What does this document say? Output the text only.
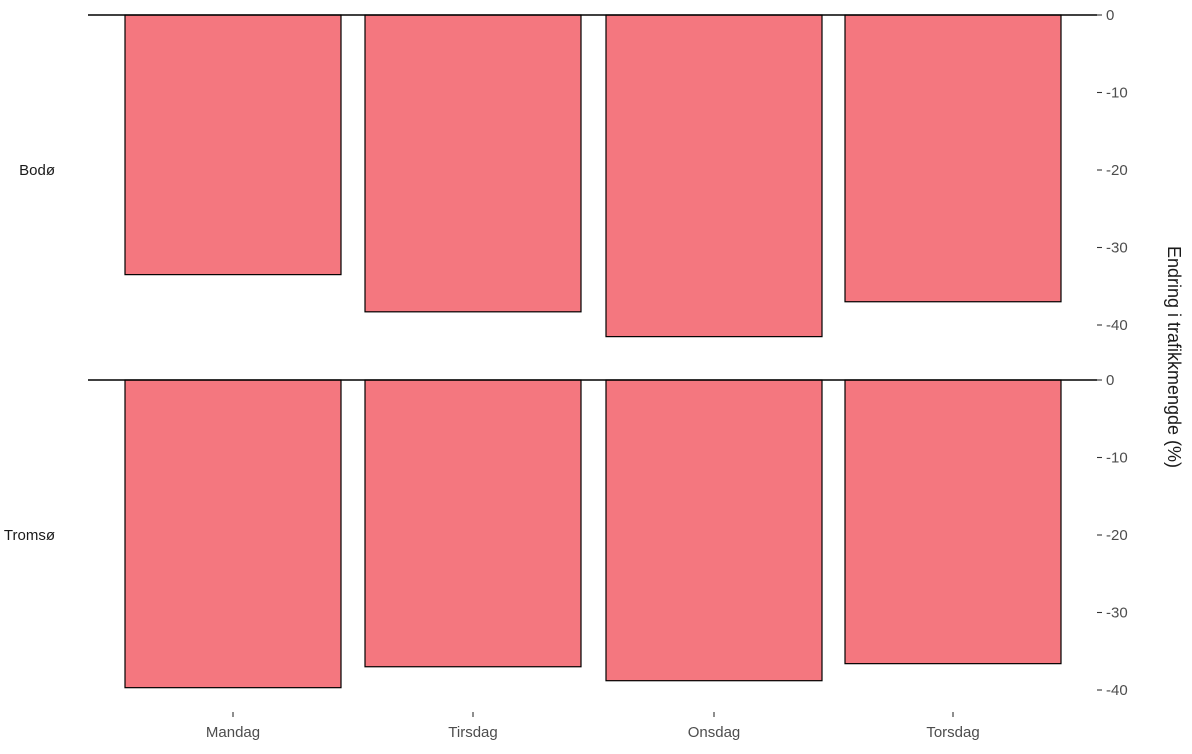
0
-10
-20
-30
-40
Bodø
0
-10
-20
-30
-40
Tromsø
Mandag	Tirsdag	Onsdag	Torsdag
Endring i trafikkmengde (%)
